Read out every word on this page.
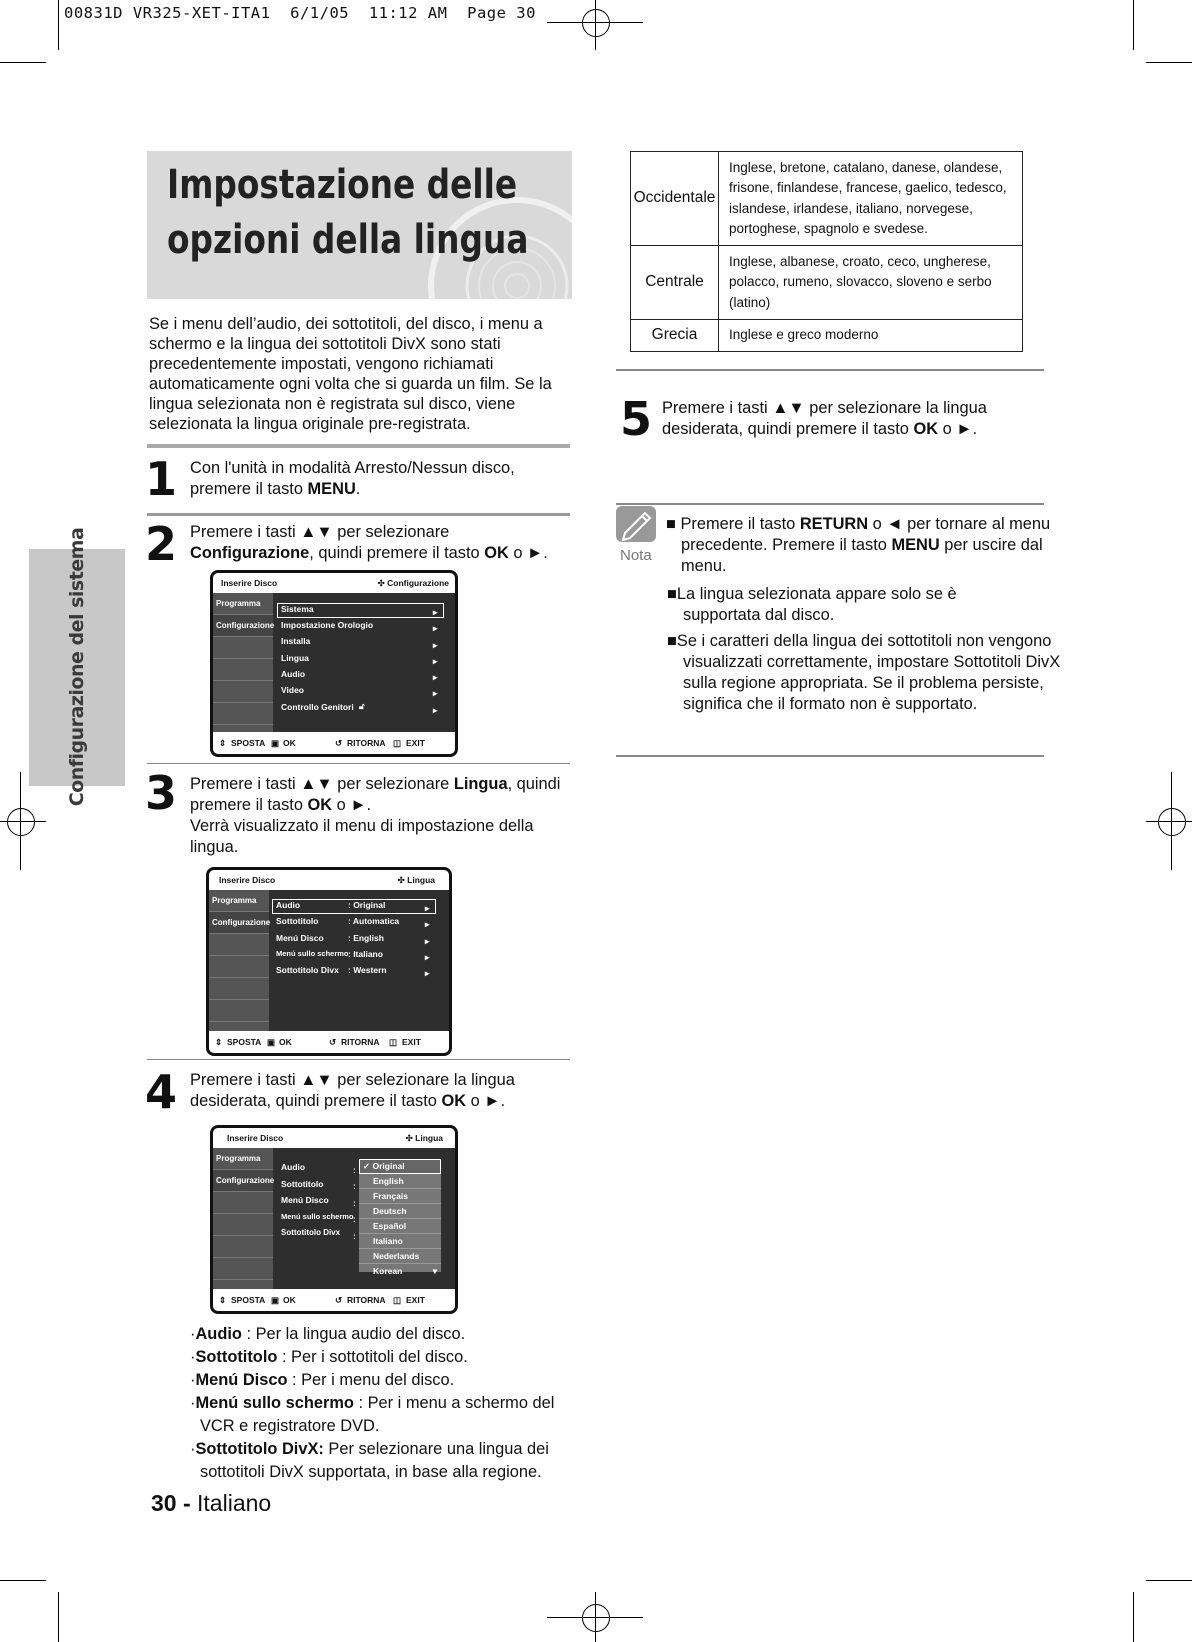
00831D VR325-XET-ITA1 6/1/05 11:12 AM Page 30
Configurazione del sistema
Impostazione delle
opzioni della lingua
Se i menu dell’audio, dei sottotitoli, del disco, i menu a schermo e la lingua dei sottotitoli DivX sono stati precedentemente impostati, vengono richiamati automaticamente ogni volta che si guarda un film. Se la lingua selezionata non è registrata sul disco, viene selezionata la lingua originale pre-registrata.
1 Con l'unità in modalità Arresto/Nessun disco, premere il tasto MENU.
2 Premere i tasti ▲▼ per selezionare
Configurazione, quindi premere il tasto OK o ►.
Inserire Disco	✣ Configurazione
Programma
Configurazione
Sistema
Impostazione Orologio
Installa
Lingua
Audio
Video
Controllo Genitori 🔓︎
▸
▸
▸
▸
▸
▸
▸
⇕ SPOSTA ▣ OK	↺ RITORNA ◫ EXIT
3 Premere i tasti ▲▼ per selezionare Lingua, quindi premere il tasto OK o ►.
Verrà visualizzato il menu di impostazione della lingua.
Inserire Disco	✣ Lingua
Programma
Configurazione
Audio	: Original
Sottotitolo	: Automatica
Menú Disco	: English
Menú sullo schermo : Italiano
Sottotitolo Divx : Western
▸
▸
▸
▸
▸
⇕ SPOSTA ▣ OK	↺ RITORNA ◫ EXIT
4 Premere i tasti ▲▼ per selezionare la lingua desiderata, quindi premere il tasto OK o ►.
Inserire Disco	✣ Lingua
Programma
Configurazione
Audio
Sottotitolo
Menú Disco
Menú sullo schermo
Sottotitolo Divx
:
:
:
:
:
✓ Original
English
Français
Deutsch
Español
Italiano
Nederlands
Korean	▾
⇕ SPOSTA ▣ OK	↺ RITORNA ◫ EXIT
·Audio : Per la lingua audio del disco.
·Sottotitolo : Per i sottotitoli del disco.
·Menú Disco : Per i menu del disco.
·Menú sullo schermo : Per i menu a schermo del VCR e registratore DVD.
·Sottotitolo DivX: Per selezionare una lingua dei sottotitoli DivX supportata, in base alla regione.
30 - Italiano
Occidentale	Inglese, bretone, catalano, danese, olandese, frisone, finlandese, francese, gaelico, tedesco, islandese, irlandese, italiano, norvegese, portoghese, spagnolo e svedese.
Centrale	Inglese, albanese, croato, ceco, ungherese, polacco, rumeno, slovacco, sloveno e serbo (latino)
Grecia	Inglese e greco moderno
5 Premere i tasti ▲▼ per selezionare la lingua desiderata, quindi premere il tasto OK o ►.
Nota
■ Premere il tasto RETURN o ◄ per tornare al menu precedente. Premere il tasto MENU per uscire dal menu.
■La lingua selezionata appare solo se è supportata dal disco.
■Se i caratteri della lingua dei sottotitoli non vengono visualizzati correttamente, impostare Sottotitoli DivX sulla regione appropriata. Se il problema persiste, significa che il formato non è supportato.
